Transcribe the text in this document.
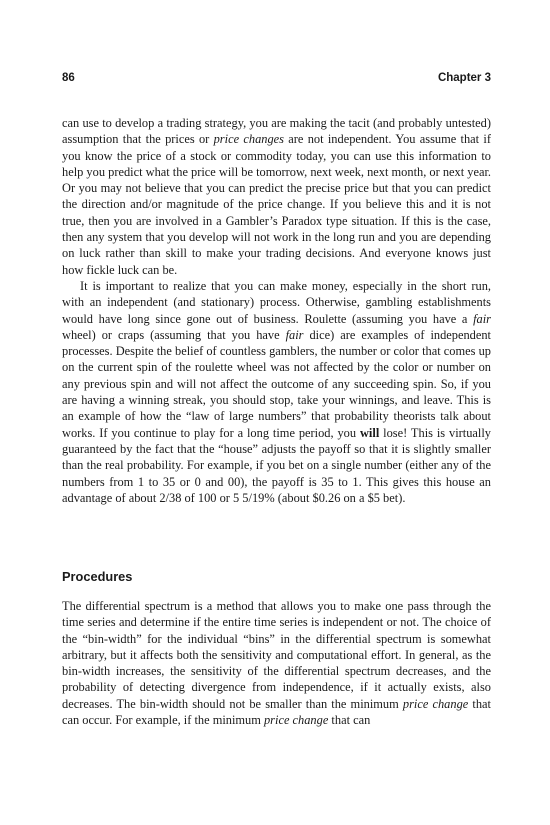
86	Chapter 3

can use to develop a trading strategy, you are making the tacit (and probably untested) assumption that the prices or price changes are not independent. You assume that if you know the price of a stock or commodity today, you can use this information to help you predict what the price will be tomorrow, next week, next month, or next year. Or you may not believe that you can predict the precise price but that you can predict the direction and/or magnitude of the price change. If you believe this and it is not true, then you are involved in a Gambler’s Paradox type situation. If this is the case, then any system that you develop will not work in the long run and you are depending on luck rather than skill to make your trading decisions. And everyone knows just how fickle luck can be.

It is important to realize that you can make money, especially in the short run, with an independent (and stationary) process. Otherwise, gambling establishments would have long since gone out of business. Roulette (assuming you have a fair wheel) or craps (assuming that you have fair dice) are examples of independent processes. Despite the belief of countless gamblers, the number or color that comes up on the current spin of the roulette wheel was not affected by the color or number on any previous spin and will not affect the outcome of any succeeding spin. So, if you are having a winning streak, you should stop, take your winnings, and leave. This is an example of how the “law of large numbers” that probability theorists talk about works. If you continue to play for a long time period, you will lose! This is virtually guaranteed by the fact that the “house” adjusts the payoff so that it is slightly smaller than the real probability. For example, if you bet on a single number (either any of the numbers from 1 to 35 or 0 and 00), the payoff is 35 to 1. This gives this house an advantage of about 2/38 of 100 or 5 5/19% (about $0.26 on a $5 bet).

Procedures

The differential spectrum is a method that allows you to make one pass through the time series and determine if the entire time series is independent or not. The choice of the “bin-width” for the individual “bins” in the differential spectrum is somewhat arbitrary, but it affects both the sensitivity and computational effort. In general, as the bin-width increases, the sensitivity of the differential spectrum decreases, and the probability of detecting divergence from independence, if it actually exists, also decreases. The bin-width should not be smaller than the minimum price change that can occur. For example, if the minimum price change that can
